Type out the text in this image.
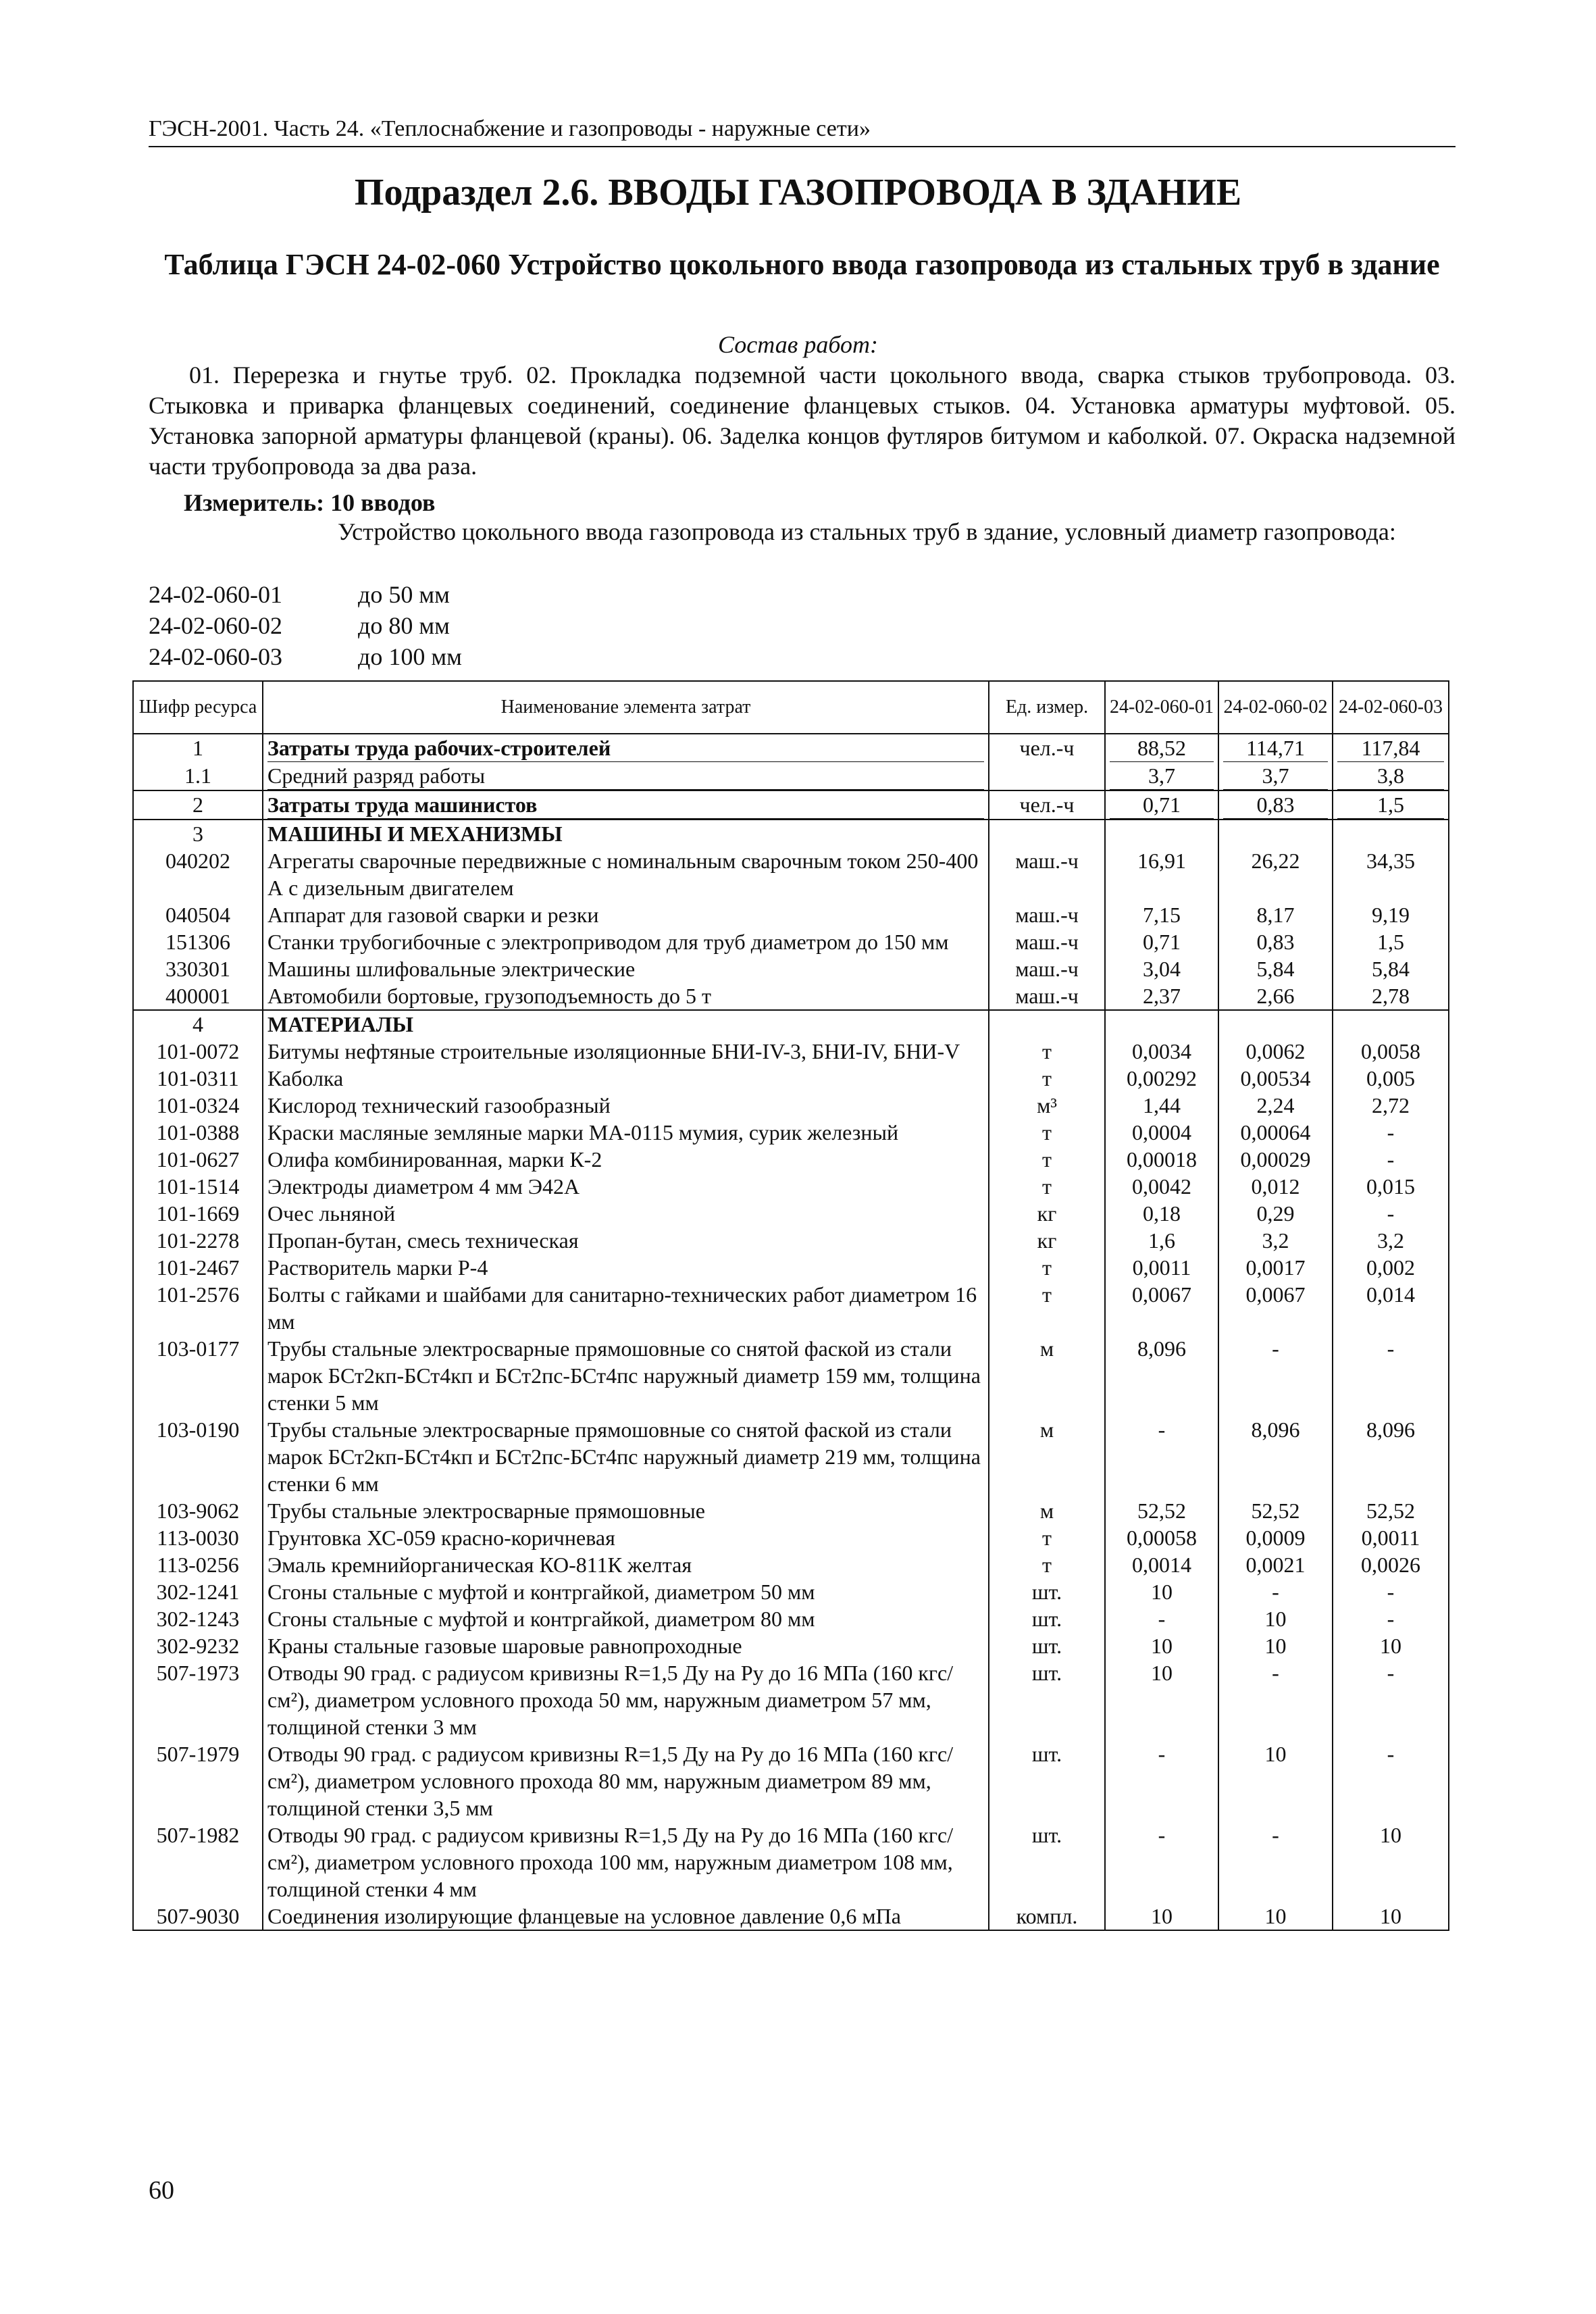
ГЭСН-2001. Часть 24. «Теплоснабжение и газопроводы - наружные сети»
Подраздел 2.6. ВВОДЫ ГАЗОПРОВОДА В ЗДАНИЕ
Таблица ГЭСН 24-02-060 Устройство цокольного ввода газопровода из стальных труб в здание
Состав работ:
01. Перерезка и гнутье труб. 02. Прокладка подземной части цокольного ввода, сварка стыков трубопровода. 03. Стыковка и приварка фланцевых соединений, соединение фланцевых стыков. 04. Установка арматуры муфтовой. 05. Установка запорной арматуры фланцевой (краны). 06. Заделка концов футляров битумом и каболкой. 07. Окраска надземной части трубопровода за два раза.
Измеритель: 10 вводов
Устройство цокольного ввода газопровода из стальных труб в здание, условный диаметр газопровода:
24-02-060-01	до 50 мм
24-02-060-02	до 80 мм
24-02-060-03	до 100 мм
Шифр ресурса	Наименование элемента затрат	Ед. измер.	24-02-060-01	24-02-060-02	24-02-060-03
1	Затраты труда рабочих-строителей	чел.-ч	88,52	114,71	117,84
1.1	Средний разряд работы		3,7	3,7	3,8
2	Затраты труда машинистов	чел.-ч	0,71	0,83	1,5
3	МАШИНЫ И МЕХАНИЗМЫ				
040202	Агрегаты сварочные передвижные с номинальным сварочным током 250-400 А с дизельным двигателем	маш.-ч	16,91	26,22	34,35
040504	Аппарат для газовой сварки и резки	маш.-ч	7,15	8,17	9,19
151306	Станки трубогибочные с электроприводом для труб диаметром до 150 мм	маш.-ч	0,71	0,83	1,5
330301	Машины шлифовальные электрические	маш.-ч	3,04	5,84	5,84
400001	Автомобили бортовые, грузоподъемность до 5 т	маш.-ч	2,37	2,66	2,78
4	МАТЕРИАЛЫ				
101-0072	Битумы нефтяные строительные изоляционные БНИ-IV-3, БНИ-IV, БНИ-V	т	0,0034	0,0062	0,0058
101-0311	Каболка	т	0,00292	0,00534	0,005
101-0324	Кислород технический газообразный	м³	1,44	2,24	2,72
101-0388	Краски масляные земляные марки МА-0115 мумия, сурик железный	т	0,0004	0,00064	-
101-0627	Олифа комбинированная, марки К-2	т	0,00018	0,00029	-
101-1514	Электроды диаметром 4 мм Э42А	т	0,0042	0,012	0,015
101-1669	Очес льняной	кг	0,18	0,29	-
101-2278	Пропан-бутан, смесь техническая	кг	1,6	3,2	3,2
101-2467	Растворитель марки Р-4	т	0,0011	0,0017	0,002
101-2576	Болты с гайками и шайбами для санитарно-технических работ диаметром 16 мм	т	0,0067	0,0067	0,014
103-0177	Трубы стальные электросварные прямошовные со снятой фаской из стали марок БСт2кп-БСт4кп и БСт2пс-БСт4пс наружный диаметр 159 мм, толщина стенки 5 мм	м	8,096	-	-
103-0190	Трубы стальные электросварные прямошовные со снятой фаской из стали марок БСт2кп-БСт4кп и БСт2пс-БСт4пс наружный диаметр 219 мм, толщина стенки 6 мм	м	-	8,096	8,096
103-9062	Трубы стальные электросварные прямошовные	м	52,52	52,52	52,52
113-0030	Грунтовка ХС-059 красно-коричневая	т	0,00058	0,0009	0,0011
113-0256	Эмаль кремнийорганическая КО-811К желтая	т	0,0014	0,0021	0,0026
302-1241	Сгоны стальные с муфтой и контргайкой, диаметром 50 мм	шт.	10	-	-
302-1243	Сгоны стальные с муфтой и контргайкой, диаметром 80 мм	шт.	-	10	-
302-9232	Краны стальные газовые шаровые равнопроходные	шт.	10	10	10
507-1973	Отводы 90 град. с радиусом кривизны R=1,5 Ду на Ру до 16 МПа (160 кгс/см²), диаметром условного прохода 50 мм, наружным диаметром 57 мм, толщиной стенки 3 мм	шт.	10	-	-
507-1979	Отводы 90 град. с радиусом кривизны R=1,5 Ду на Ру до 16 МПа (160 кгс/см²), диаметром условного прохода 80 мм, наружным диаметром 89 мм, толщиной стенки 3,5 мм	шт.	-	10	-
507-1982	Отводы 90 град. с радиусом кривизны R=1,5 Ду на Ру до 16 МПа (160 кгс/см²), диаметром условного прохода 100 мм, наружным диаметром 108 мм, толщиной стенки 4 мм	шт.	-	-	10
507-9030	Соединения изолирующие фланцевые на условное давление 0,6 мПа	компл.	10	10	10
60
